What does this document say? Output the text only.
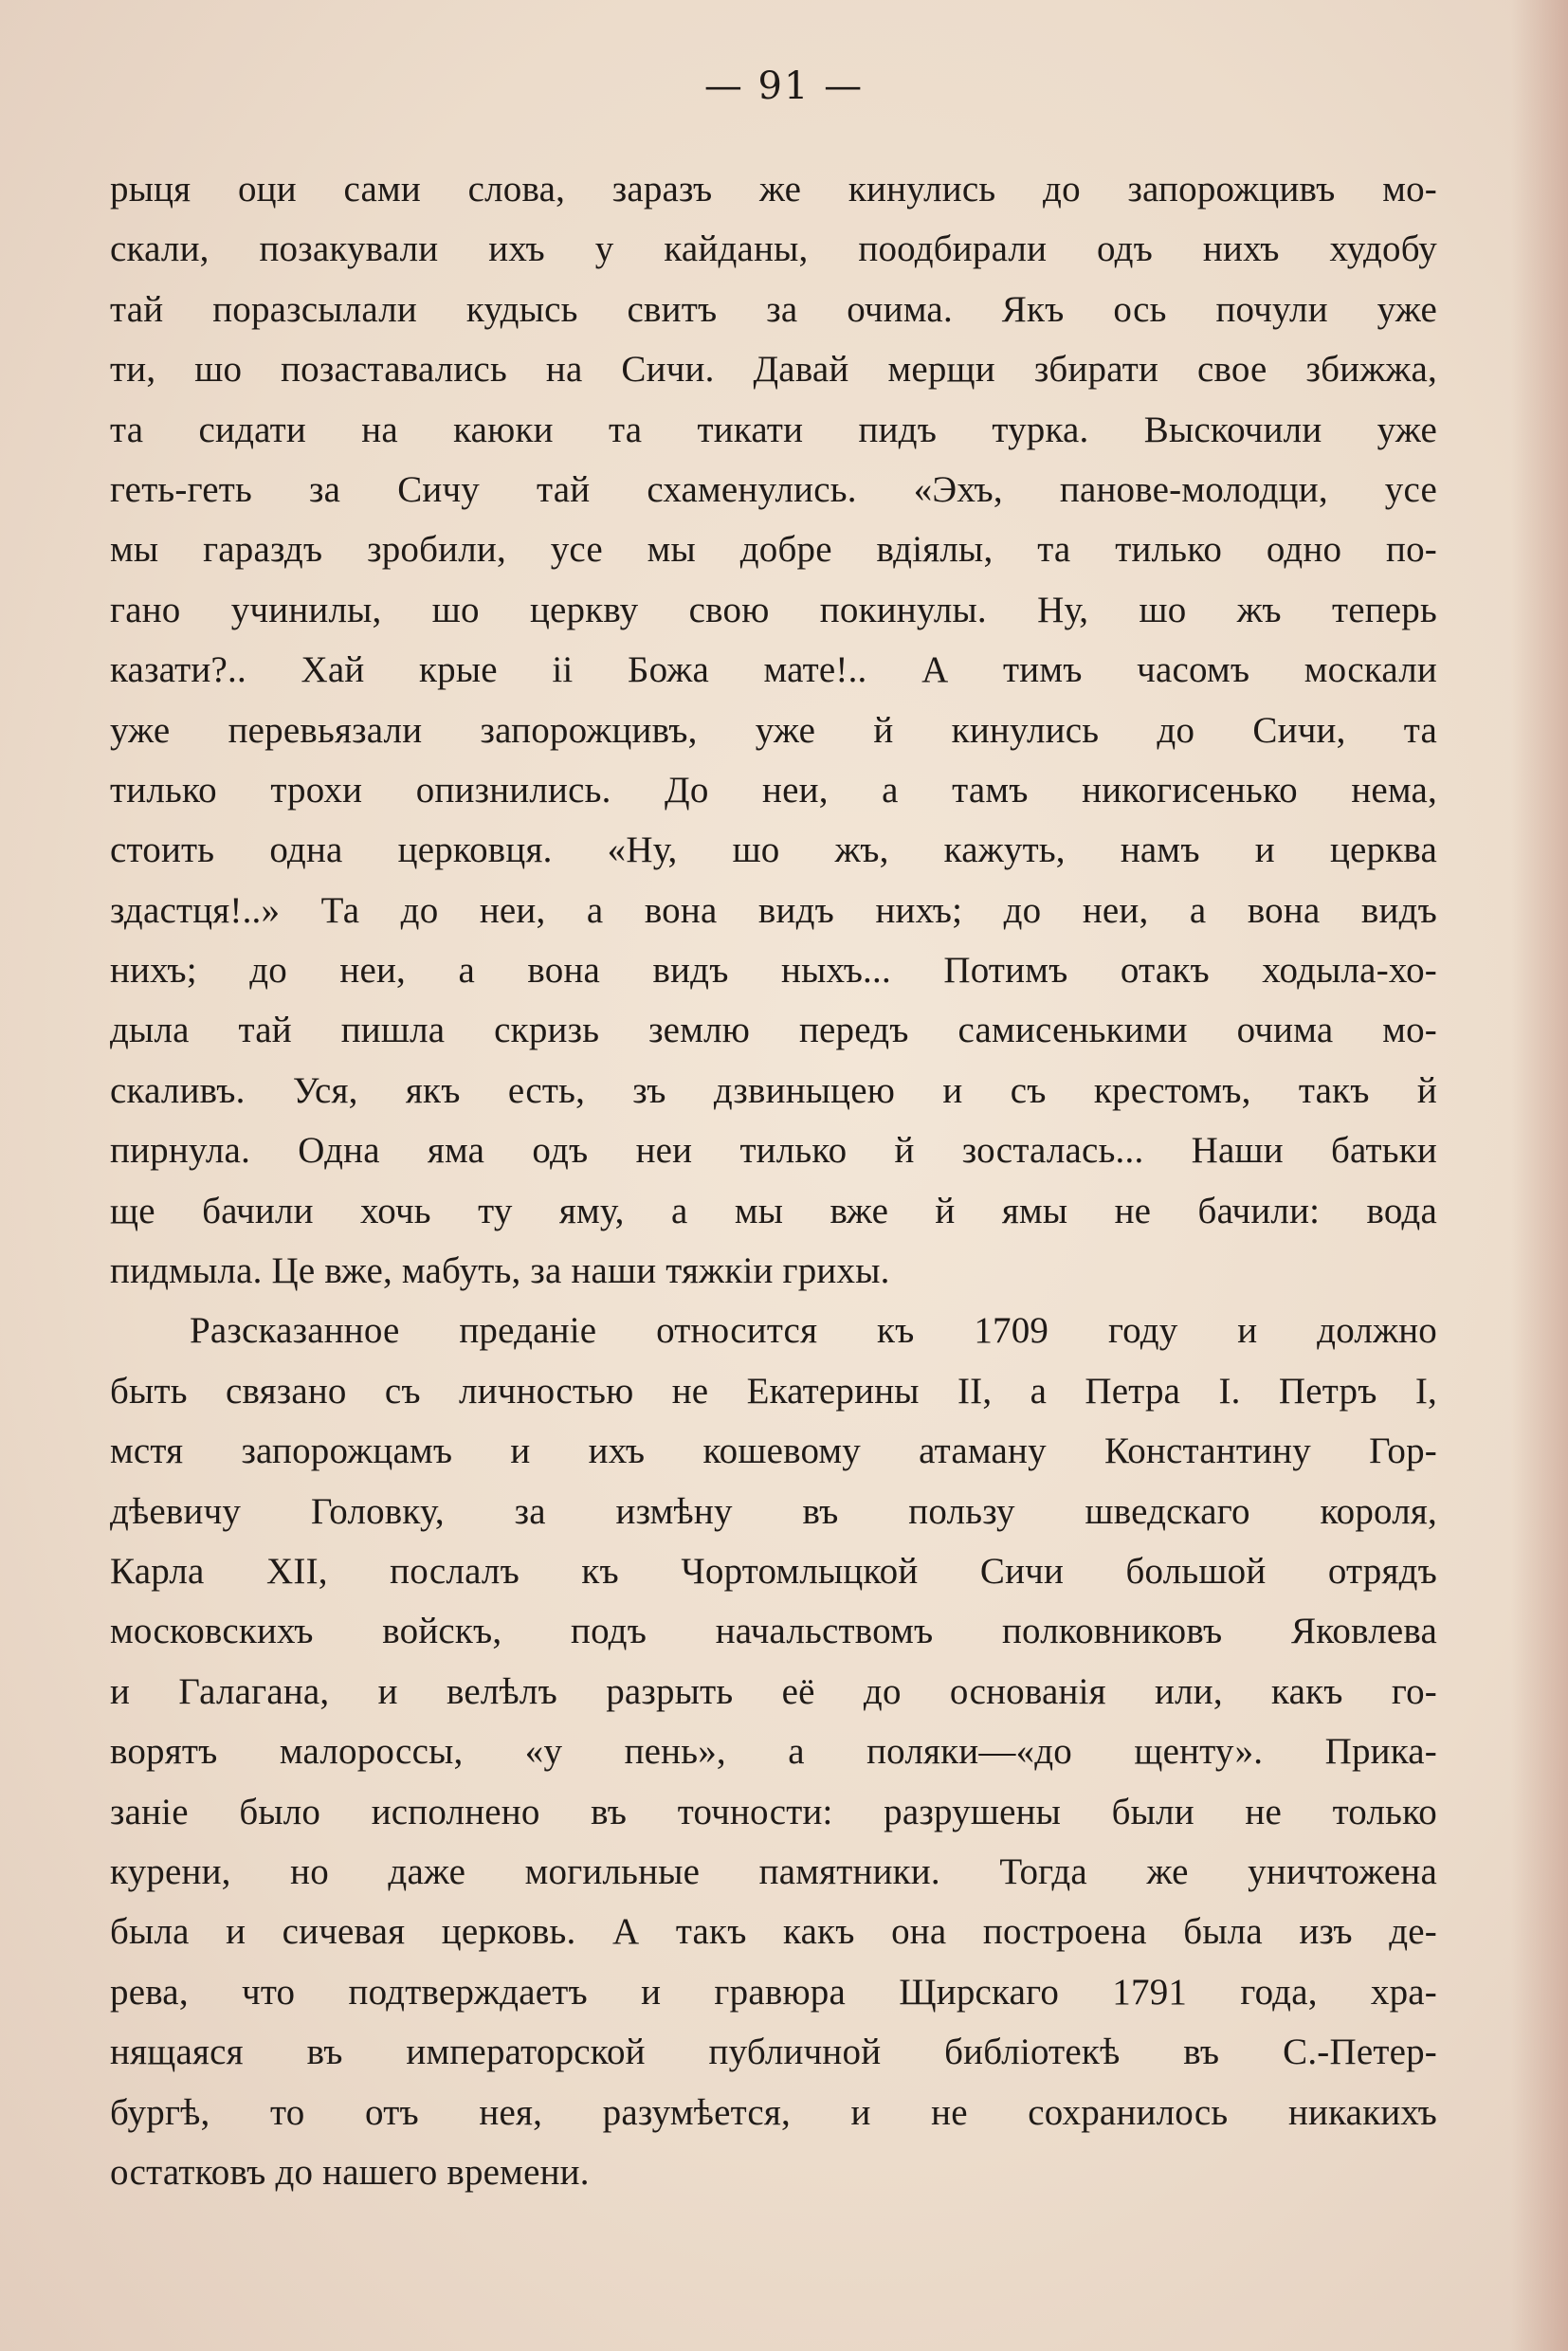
— 91 —
рыця оци сами слова, заразъ же кинулись до запорожцивъ мо-
скали, позакували ихъ у кайданы, поодбирали одъ нихъ худобу
тай поразсылали кудысь свитъ за очима. Якъ ось почули уже
ти, шо позаставались на Сичи. Давай мерщи збирати свое збижжа,
та сидати на каюки та тикати пидъ турка. Выскочили уже
геть-геть за Сичу тай схаменулись. «Эхъ, панове-молодци, усе
мы гараздъ зробили, усе мы добре вдiялы, та тилько одно по-
гано учинилы, шо церкву свою покинулы. Ну, шо жъ теперь
казати?.. Хай крые ii Божа мате!.. А тимъ часомъ москали
уже перевьязали запорожцивъ, уже й кинулись до Сичи, та
тилько трохи опизнились. До неи, а тамъ никогисенько нема,
стоить одна церковця. «Ну, шо жъ, кажуть, намъ и церква
здастця!..» Та до неи, а вона видъ нихъ; до неи, а вона видъ
нихъ; до неи, а вона видъ ныхъ... Потимъ отакъ ходыла-хо-
дыла тай пишла скризь землю передъ самисенькими очима мо-
скаливъ. Уся, якъ есть, зъ дзвиныцею и съ крестомъ, такъ й
пирнула. Одна яма одъ неи тилько й зосталась... Наши батьки
ще бачили хочь ту яму, а мы вже й ямы не бачили: вода
пидмыла. Це вже, мабуть, за наши тяжкiи грихы.
Разсказанное преданiе относится къ 1709 году и должно
быть связано съ личностью не Екатерины II, а Петра I. Петръ I,
мстя запорожцамъ и ихъ кошевому атаману Константину Гор-
дѣевичу Головку, за измѣну въ пользу шведскаго короля,
Карла XII, послалъ къ Чортомлыцкой Сичи большой отрядъ
московскихъ войскъ, подъ начальствомъ полковниковъ Яковлева
и Галагана, и велѣлъ разрыть её до основанiя или, какъ го-
ворятъ малороссы, «у пень», а поляки—«до щенту». Прика-
занiе было исполнено въ точности: разрушены были не только
курени, но даже могильные памятники. Тогда же уничтожена
была и сичевая церковь. А такъ какъ она построена была изъ де-
рева, что подтверждаетъ и гравюра Щирскаго 1791 года, хра-
нящаяся въ императорской публичной библiотекѣ въ С.-Петер-
бургѣ, то отъ нея, разумѣется, и не сохранилось никакихъ
остатковъ до нашего времени.
